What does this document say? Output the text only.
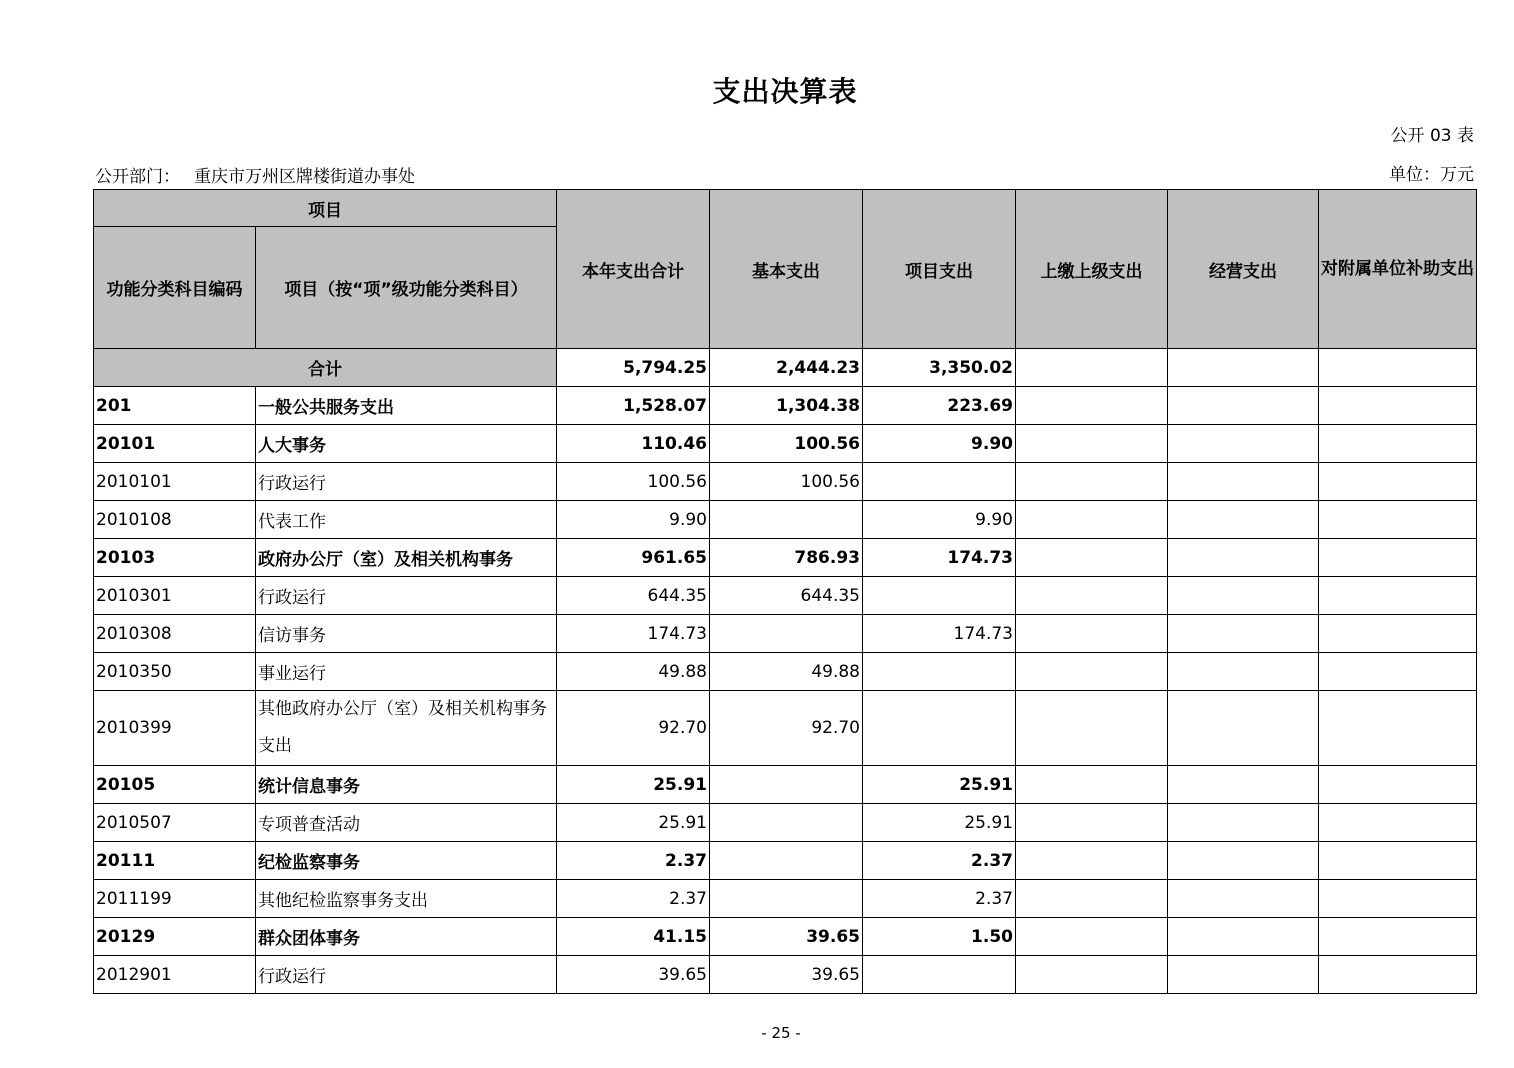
支出决算表
公开 03 表
公开部门： 重庆市万州区牌楼街道办事处	单位：万元
项目		本年支出合计	基本支出	项目支出	上缴上级支出	经营支出	对附属单位补助支出
功能分类科目编码	项目（按“项”级功能分类科目）						
合计		5,794.25	2,444.23	3,350.02			
201	一般公共服务支出	1,528.07	1,304.38	223.69			
20101	人大事务	110.46	100.56	9.90			
2010101	行政运行	100.56	100.56				
2010108	代表工作	9.90		9.90			
20103	政府办公厅（室）及相关机构事务	961.65	786.93	174.73			
2010301	行政运行	644.35	644.35				
2010308	信访事务	174.73		174.73			
2010350	事业运行	49.88	49.88				
2010399	其他政府办公厅（室）及相关机构事务支出	92.70	92.70				
20105	统计信息事务	25.91		25.91			
2010507	专项普查活动	25.91		25.91			
20111	纪检监察事务	2.37		2.37			
2011199	其他纪检监察事务支出	2.37		2.37			
20129	群众团体事务	41.15	39.65	1.50			
2012901	行政运行	39.65	39.65				
- 25 -
